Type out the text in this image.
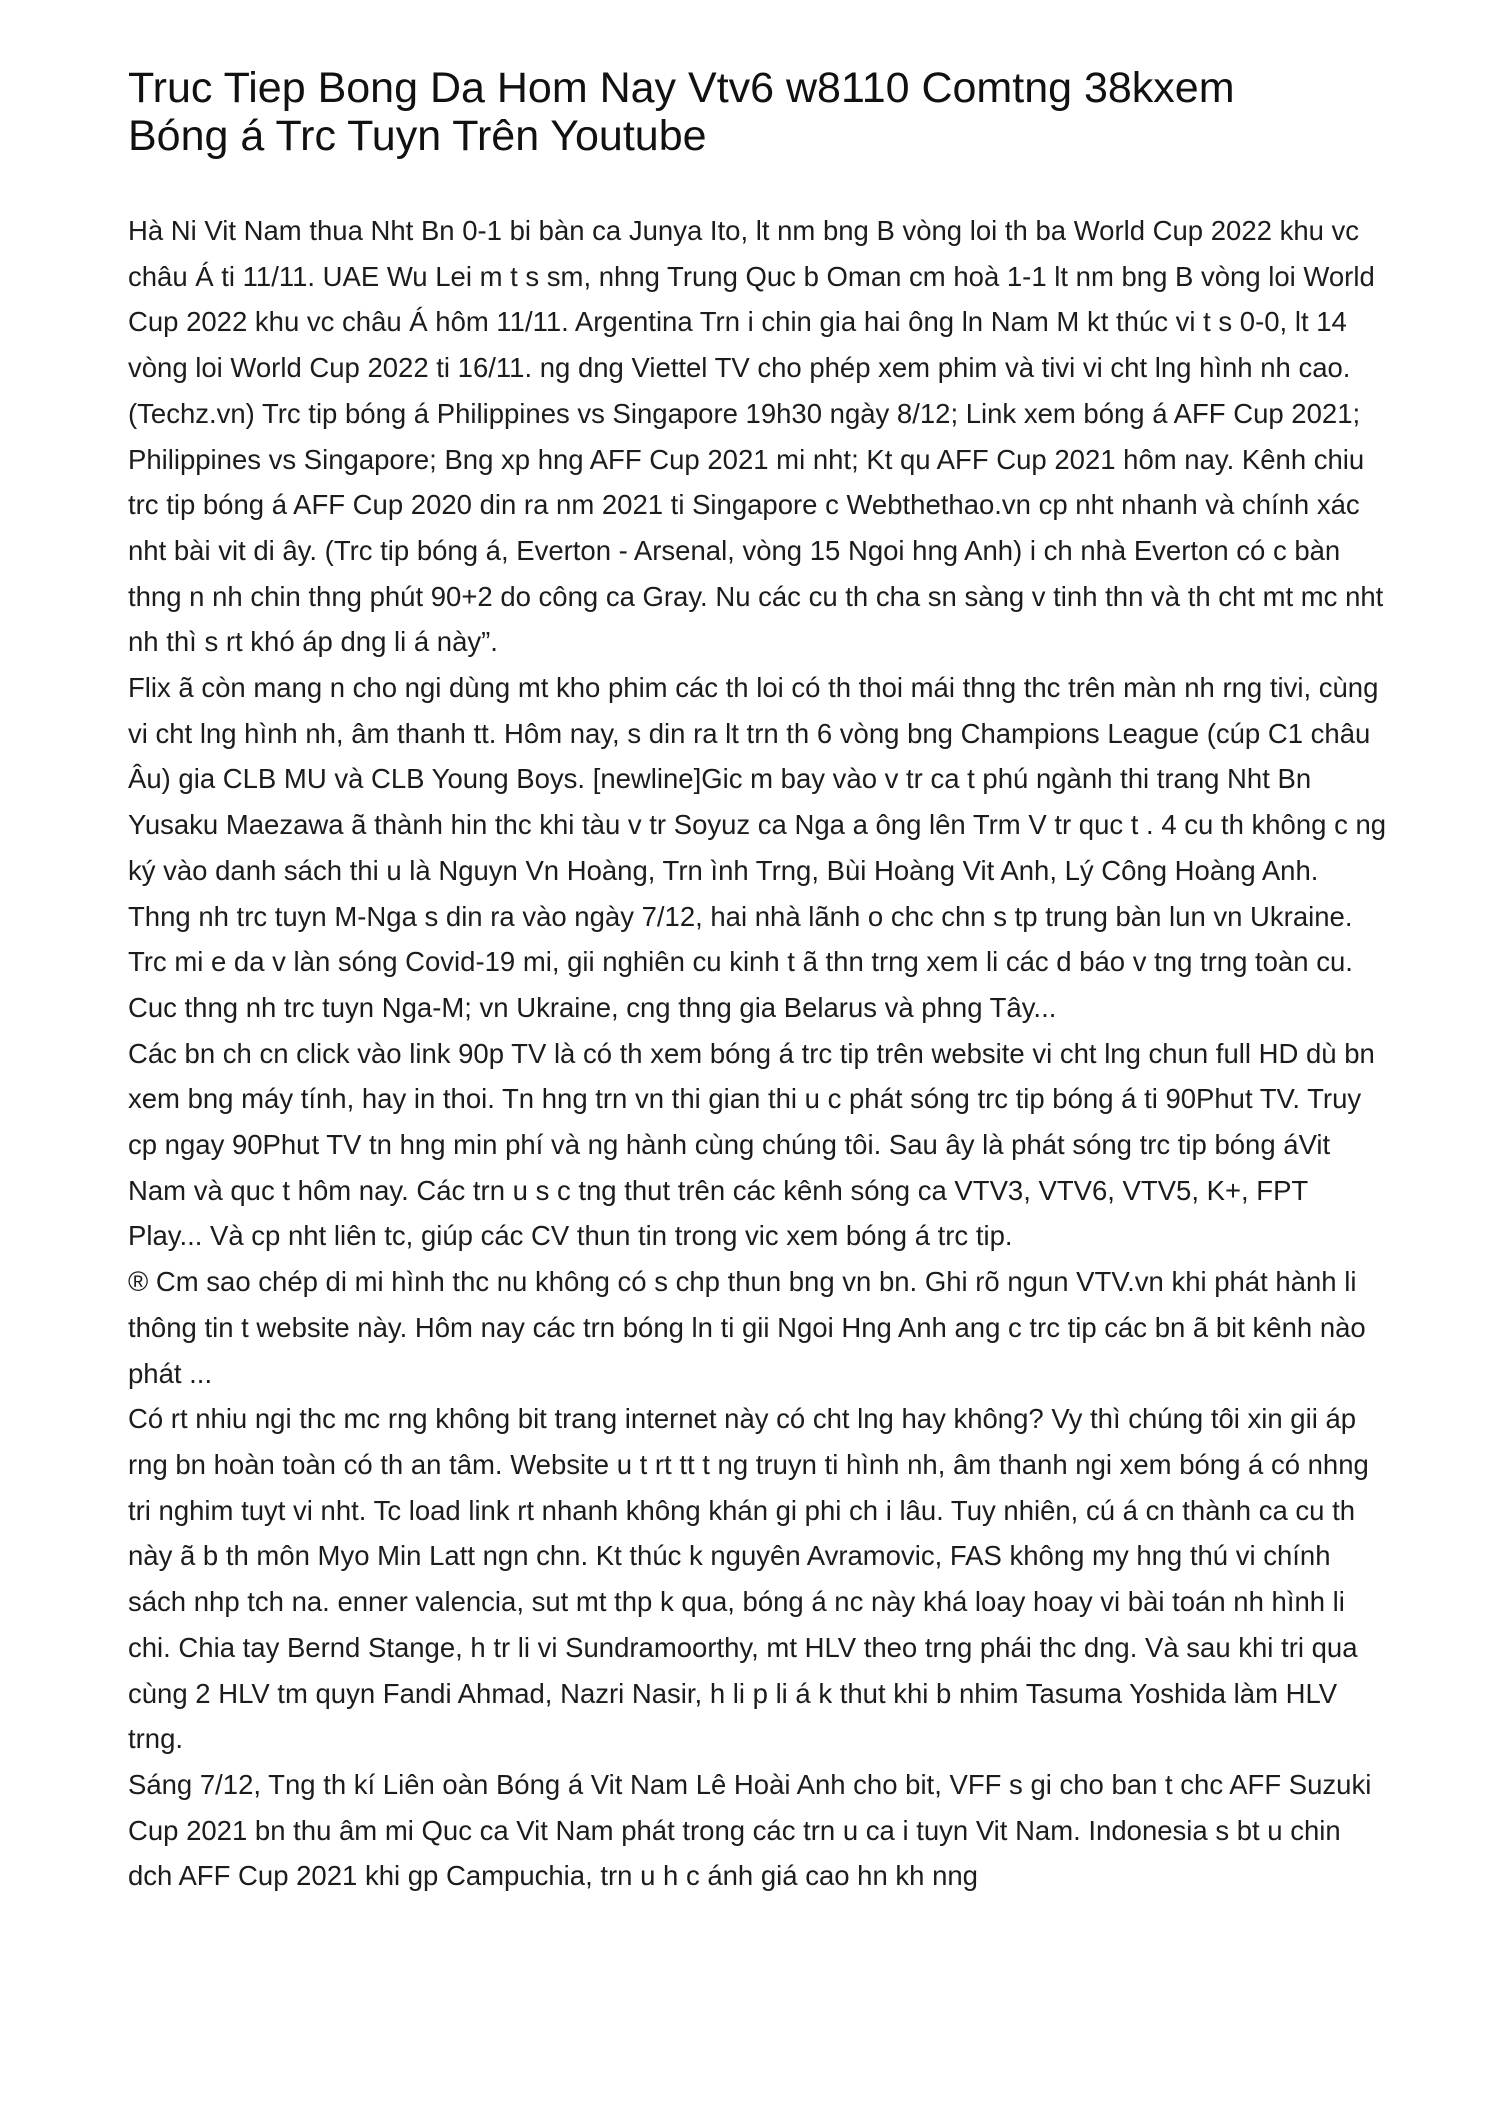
Truc Tiep Bong Da Hom Nay Vtv6 w8110 Comtng 38kxem
Bóng á Trc Tuyn Trên Youtube

Hà Ni Vit Nam thua Nht Bn 0-1 bi bàn ca Junya Ito, lt nm bng B vòng loi th ba World Cup 2022 khu vc châu Á ti 11/11. UAE Wu Lei m t s sm, nhng Trung Quc b Oman cm hoà 1-1 lt nm bng B vòng loi World Cup 2022 khu vc châu Á hôm 11/11. Argentina Trn i chin gia hai ông ln Nam M kt thúc vi t s 0-0, lt 14 vòng loi World Cup 2022 ti 16/11. ng dng Viettel TV cho phép xem phim và tivi vi cht lng hình nh cao.

(Techz.vn) Trc tip bóng á Philippines vs Singapore 19h30 ngày 8/12; Link xem bóng á AFF Cup 2021; Philippines vs Singapore; Bng xp hng AFF Cup 2021 mi nht; Kt qu AFF Cup 2021 hôm nay. Kênh chiu trc tip bóng á AFF Cup 2020 din ra nm 2021 ti Singapore c Webthethao.vn cp nht nhanh và chính xác nht bài vit di ây. (Trc tip bóng á, Everton - Arsenal, vòng 15 Ngoi hng Anh) i ch nhà Everton có c bàn thng n nh chin thng phút 90+2 do công ca Gray. Nu các cu th cha sn sàng v tinh thn và th cht mt mc nht nh thì s rt khó áp dng li á này”.

Flix ã còn mang n cho ngi dùng mt kho phim các th loi có th thoi mái thng thc trên màn nh rng tivi, cùng vi cht lng hình nh, âm thanh tt. Hôm nay, s din ra lt trn th 6 vòng bng Champions League (cúp C1 châu Âu) gia CLB MU và CLB Young Boys. [newline]Gic m bay vào v tr ca t phú ngành thi trang Nht Bn Yusaku Maezawa ã thành hin thc khi tàu v tr Soyuz ca Nga a ông lên Trm V tr quc t . 4 cu th không c ng ký vào danh sách thi u là Nguyn Vn Hoàng, Trn ình Trng, Bùi Hoàng Vit Anh, Lý Công Hoàng Anh. Thng nh trc tuyn M-Nga s din ra vào ngày 7/12, hai nhà lãnh o chc chn s tp trung bàn lun vn Ukraine. Trc mi e da v làn sóng Covid-19 mi, gii nghiên cu kinh t ã thn trng xem li các d báo v tng trng toàn cu. Cuc thng nh trc tuyn Nga-M; vn Ukraine, cng thng gia Belarus và phng Tây...

Các bn ch cn click vào link 90p TV là có th xem bóng á trc tip trên website vi cht lng chun full HD dù bn xem bng máy tính, hay in thoi. Tn hng trn vn thi gian thi u c phát sóng trc tip bóng á ti 90Phut TV. Truy cp ngay 90Phut TV tn hng min phí và ng hành cùng chúng tôi. Sau ây là phát sóng trc tip bóng áVit Nam và quc t hôm nay. Các trn u s c tng thut trên các kênh sóng ca VTV3, VTV6, VTV5, K+, FPT Play... Và cp nht liên tc, giúp các CV thun tin trong vic xem bóng á trc tip.

® Cm sao chép di mi hình thc nu không có s chp thun bng vn bn. Ghi rõ ngun VTV.vn khi phát hành li thông tin t website này. Hôm nay các trn bóng ln ti gii Ngoi Hng Anh ang c trc tip các bn ã bit kênh nào phát ...

Có rt nhiu ngi thc mc rng không bit trang internet này có cht lng hay không? Vy thì chúng tôi xin gii áp rng bn hoàn toàn có th an tâm. Website u t rt tt t ng truyn ti hình nh, âm thanh ngi xem bóng á có nhng tri nghim tuyt vi nht. Tc load link rt nhanh không khán gi phi ch i lâu. Tuy nhiên, cú á cn thành ca cu th này ã b th môn Myo Min Latt ngn chn. Kt thúc k nguyên Avramovic, FAS không my hng thú vi chính sách nhp tch na. enner valencia, sut mt thp k qua, bóng á nc này khá loay hoay vi bài toán nh hình li chi. Chia tay Bernd Stange, h tr li vi Sundramoorthy, mt HLV theo trng phái thc dng. Và sau khi tri qua cùng 2 HLV tm quyn Fandi Ahmad, Nazri Nasir, h li p li á k thut khi b nhim Tasuma Yoshida làm HLV trng.

Sáng 7/12, Tng th kí Liên oàn Bóng á Vit Nam Lê Hoài Anh cho bit, VFF s gi cho ban t chc AFF Suzuki Cup 2021 bn thu âm mi Quc ca Vit Nam phát trong các trn u ca i tuyn Vit Nam. Indonesia s bt u chin dch AFF Cup 2021 khi gp Campuchia, trn u h c ánh giá cao hn kh nng
